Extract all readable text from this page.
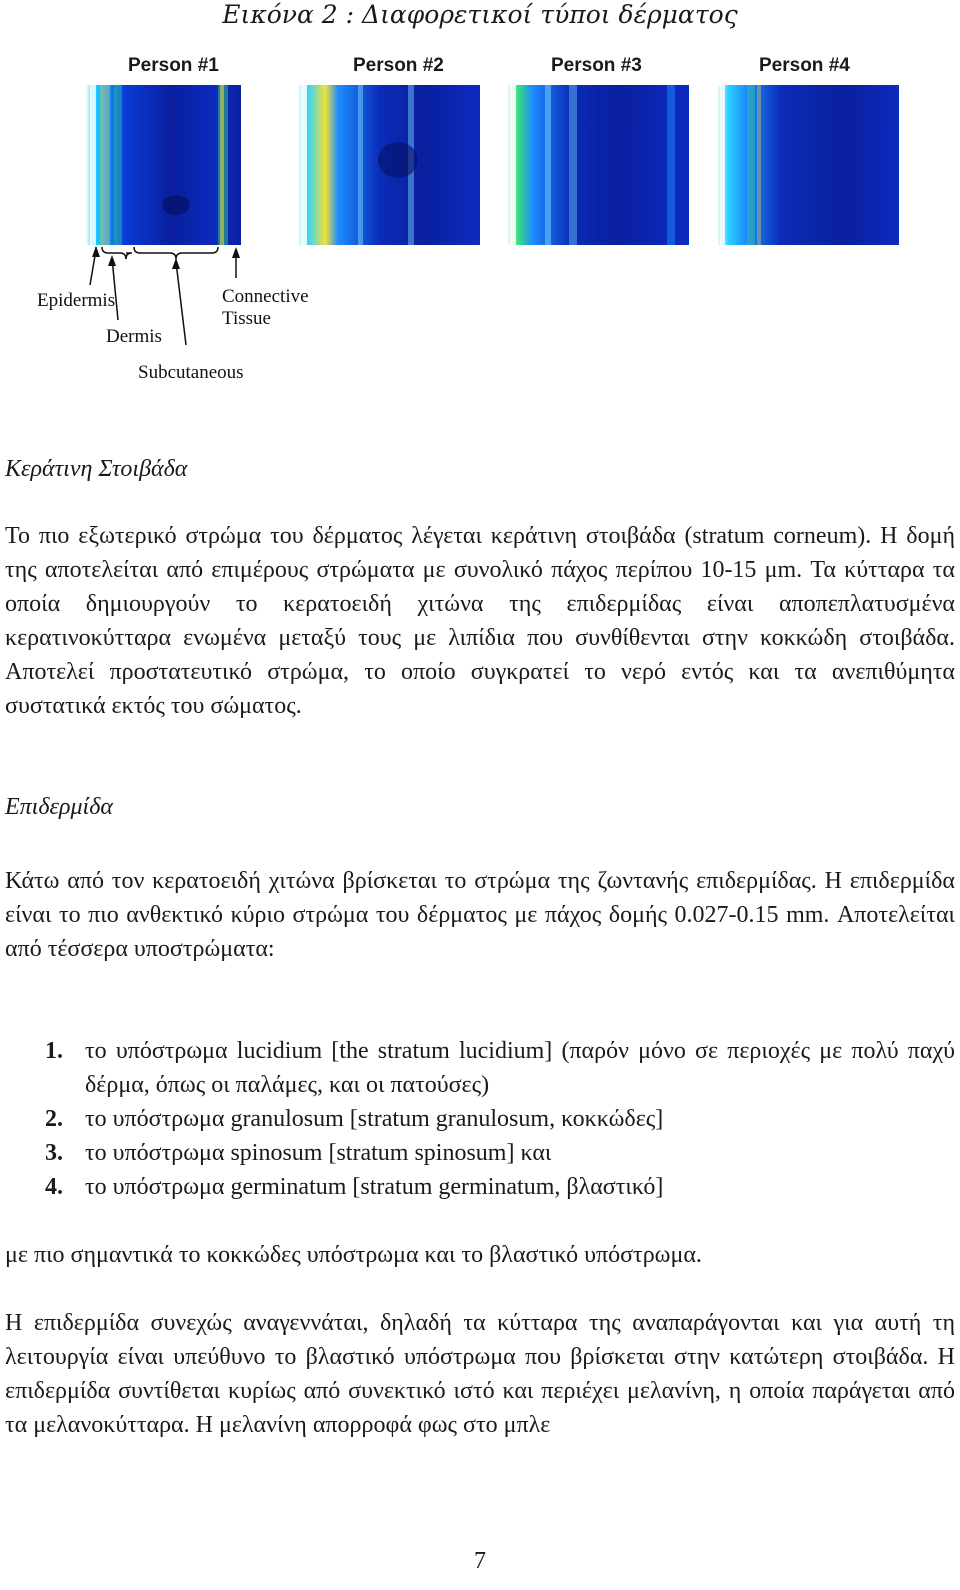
Εικόνα 2 : Διαφορετικοί τύποι δέρματος
Person #1	Person #2	Person #3	Person #4
Epidermis
Dermis
Subcutaneous
Connective
Tissue
Κεράτινη Στοιβάδα
Το πιο εξωτερικό στρώμα του δέρματος λέγεται κεράτινη στοιβάδα (stratum corneum). Η δομή της αποτελείται από επιμέρους στρώματα με συνολικό πάχος περίπου 10-15 μm. Τα κύτταρα τα οποία δημιουργούν το κερατοειδή χιτώνα της επιδερμίδας είναι αποπεπλατυσμένα κερατινοκύτταρα ενωμένα μεταξύ τους με λιπίδια που συνθίθενται στην κοκκώδη στοιβάδα. Αποτελεί προστατευτικό στρώμα, το οποίο συγκρατεί το νερό εντός και τα ανεπιθύμητα συστατικά εκτός του σώματος.
Επιδερμίδα
Κάτω από τον κερατοειδή χιτώνα βρίσκεται το στρώμα της ζωντανής επιδερμίδας. Η επιδερμίδα είναι το πιο ανθεκτικό κύριο στρώμα του δέρματος με πάχος δομής 0.027-0.15 mm. Αποτελείται από τέσσερα υποστρώματα:
1. το υπόστρωμα lucidium [the stratum lucidium] (παρόν μόνο σε περιοχές με πολύ παχύ δέρμα, όπως οι παλάμες, και οι πατούσες)
2. το υπόστρωμα granulosum [stratum granulosum, κοκκώδες]
3. το υπόστρωμα spinosum [stratum spinosum] και
4. το υπόστρωμα germinatum [stratum germinatum, βλαστικό]
με πιο σημαντικά το κοκκώδες υπόστρωμα και το βλαστικό υπόστρωμα.
Η επιδερμίδα συνεχώς αναγεννάται, δηλαδή τα κύτταρα της αναπαράγονται και για αυτή τη λειτουργία είναι υπεύθυνο το βλαστικό υπόστρωμα που βρίσκεται στην κατώτερη στοιβάδα. Η επιδερμίδα συντίθεται κυρίως από συνεκτικό ιστό και περιέχει μελανίνη, η οποία παράγεται από τα μελανοκύτταρα. Η μελανίνη απορροφά φως στο μπλε
7
